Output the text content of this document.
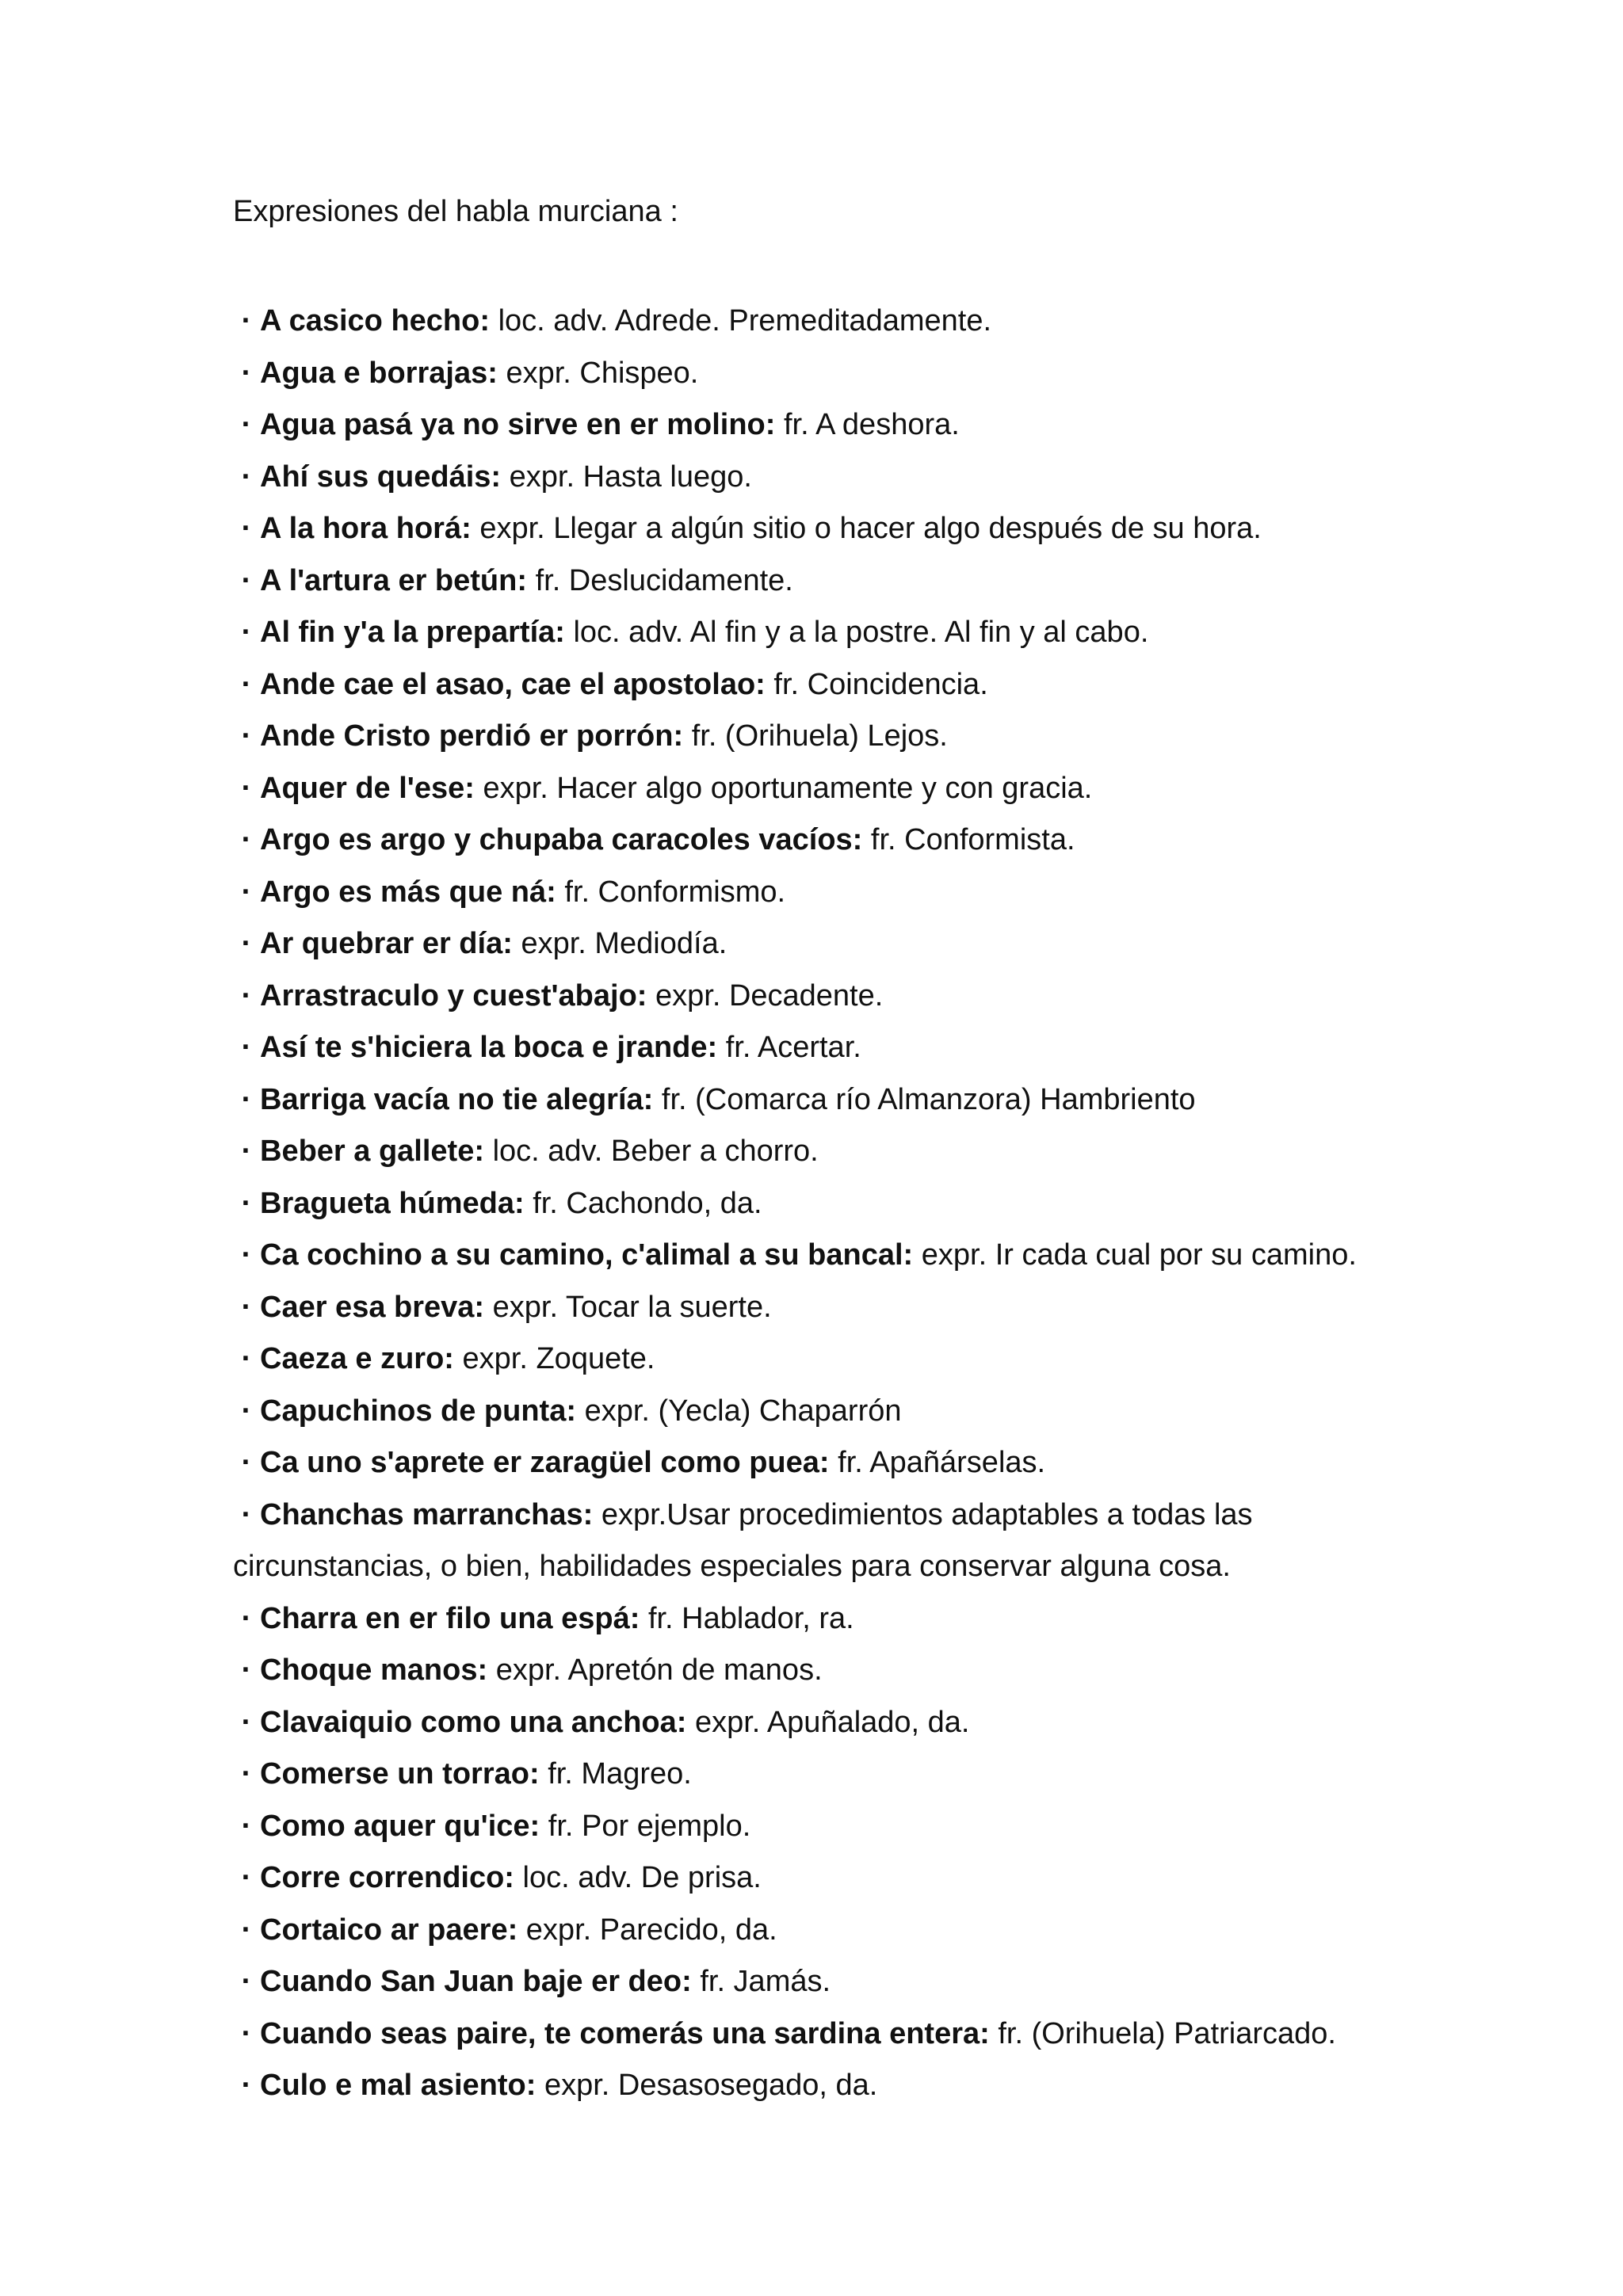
Expresiones del habla murciana :
· A casico hecho: loc. adv. Adrede. Premeditadamente.
· Agua e borrajas: expr. Chispeo.
· Agua pasá ya no sirve en er molino: fr. A deshora.
· Ahí sus quedáis: expr. Hasta luego.
· A la hora horá: expr. Llegar a algún sitio o hacer algo después de su hora.
· A l'artura er betún: fr. Deslucidamente.
· Al fin y'a la prepartía: loc. adv. Al fin y a la postre. Al fin y al cabo.
· Ande cae el asao, cae el apostolao: fr. Coincidencia.
· Ande Cristo perdió er porrón: fr. (Orihuela) Lejos.
· Aquer de l'ese: expr. Hacer algo oportunamente y con gracia.
· Argo es argo y chupaba caracoles vacíos: fr. Conformista.
· Argo es más que ná: fr. Conformismo.
· Ar quebrar er día: expr. Mediodía.
· Arrastraculo y cuest'abajo: expr. Decadente.
· Así te s'hiciera la boca e jrande: fr. Acertar.
· Barriga vacía no tie alegría: fr. (Comarca río Almanzora) Hambriento
· Beber a gallete: loc. adv. Beber a chorro.
· Bragueta húmeda: fr. Cachondo, da.
· Ca cochino a su camino, c'alimal a su bancal: expr. Ir cada cual por su camino.
· Caer esa breva: expr. Tocar la suerte.
· Caeza e zuro: expr. Zoquete.
· Capuchinos de punta: expr. (Yecla) Chaparrón
· Ca uno s'aprete er zaragüel como puea: fr. Apañárselas.
· Chanchas marranchas: expr.Usar procedimientos adaptables a todas las circunstancias, o bien, habilidades especiales para conservar alguna cosa.
· Charra en er filo una espá: fr. Hablador, ra.
· Choque manos: expr. Apretón de manos.
· Clavaiquio como una anchoa: expr. Apuñalado, da.
· Comerse un torrao: fr. Magreo.
· Como aquer qu'ice: fr. Por ejemplo.
· Corre correndico: loc. adv. De prisa.
· Cortaico ar paere: expr. Parecido, da.
· Cuando San Juan baje er deo: fr. Jamás.
· Cuando seas paire, te comerás una sardina entera: fr. (Orihuela) Patriarcado.
· Culo e mal asiento: expr. Desasosegado, da.
